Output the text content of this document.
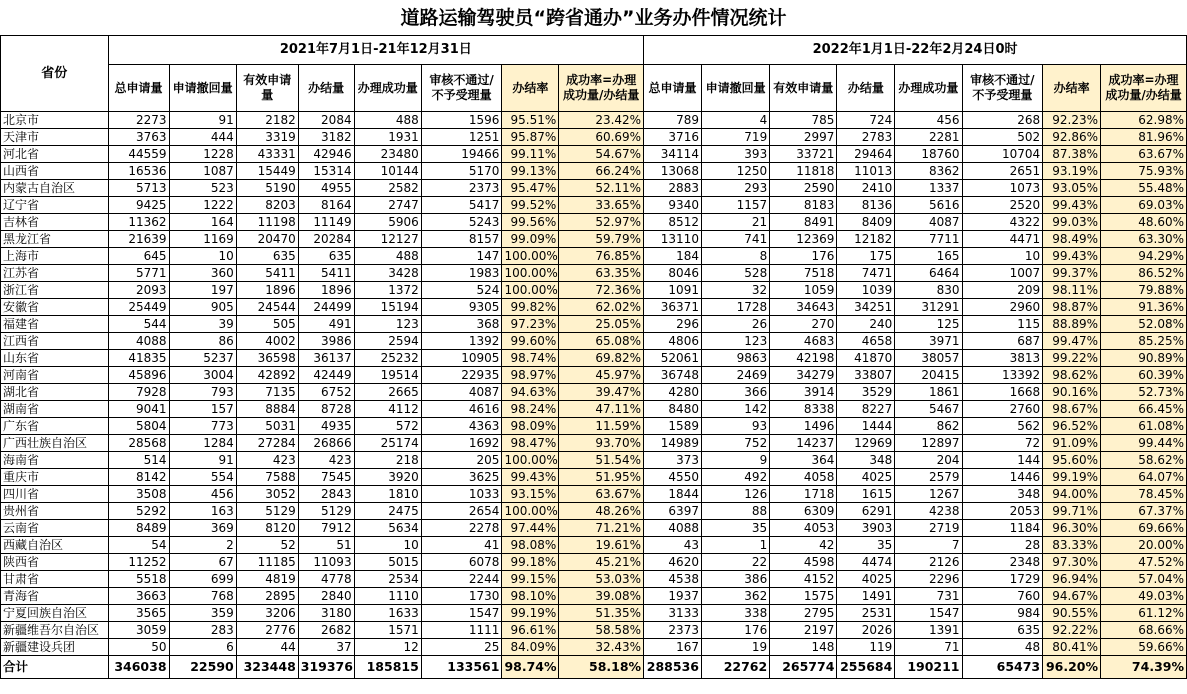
道路运输驾驶员“跨省通办”业务办件情况统计																
省份	2021年7月1日-21年12月31日								2022年1月1日-22年2月24日0时							
	总申请量	申请撤回量	有效申请量	办结量	办理成功量	审核不通过/不予受理量	办结率	成功率=办理成功量/办结量	总申请量	申请撤回量	有效申请量	办结量	办理成功量	审核不通过/不予受理量	办结率	成功率=办理成功量/办结量
北京市	2273	91	2182	2084	488	1596	95.51%	23.42%	789	4	785	724	456	268	92.23%	62.98%
天津市	3763	444	3319	3182	1931	1251	95.87%	60.69%	3716	719	2997	2783	2281	502	92.86%	81.96%
河北省	44559	1228	43331	42946	23480	19466	99.11%	54.67%	34114	393	33721	29464	18760	10704	87.38%	63.67%
山西省	16536	1087	15449	15314	10144	5170	99.13%	66.24%	13068	1250	11818	11013	8362	2651	93.19%	75.93%
内蒙古自治区	5713	523	5190	4955	2582	2373	95.47%	52.11%	2883	293	2590	2410	1337	1073	93.05%	55.48%
辽宁省	9425	1222	8203	8164	2747	5417	99.52%	33.65%	9340	1157	8183	8136	5616	2520	99.43%	69.03%
吉林省	11362	164	11198	11149	5906	5243	99.56%	52.97%	8512	21	8491	8409	4087	4322	99.03%	48.60%
黑龙江省	21639	1169	20470	20284	12127	8157	99.09%	59.79%	13110	741	12369	12182	7711	4471	98.49%	63.30%
上海市	645	10	635	635	488	147	100.00%	76.85%	184	8	176	175	165	10	99.43%	94.29%
江苏省	5771	360	5411	5411	3428	1983	100.00%	63.35%	8046	528	7518	7471	6464	1007	99.37%	86.52%
浙江省	2093	197	1896	1896	1372	524	100.00%	72.36%	1091	32	1059	1039	830	209	98.11%	79.88%
安徽省	25449	905	24544	24499	15194	9305	99.82%	62.02%	36371	1728	34643	34251	31291	2960	98.87%	91.36%
福建省	544	39	505	491	123	368	97.23%	25.05%	296	26	270	240	125	115	88.89%	52.08%
江西省	4088	86	4002	3986	2594	1392	99.60%	65.08%	4806	123	4683	4658	3971	687	99.47%	85.25%
山东省	41835	5237	36598	36137	25232	10905	98.74%	69.82%	52061	9863	42198	41870	38057	3813	99.22%	90.89%
河南省	45896	3004	42892	42449	19514	22935	98.97%	45.97%	36748	2469	34279	33807	20415	13392	98.62%	60.39%
湖北省	7928	793	7135	6752	2665	4087	94.63%	39.47%	4280	366	3914	3529	1861	1668	90.16%	52.73%
湖南省	9041	157	8884	8728	4112	4616	98.24%	47.11%	8480	142	8338	8227	5467	2760	98.67%	66.45%
广东省	5804	773	5031	4935	572	4363	98.09%	11.59%	1589	93	1496	1444	862	562	96.52%	61.08%
广西壮族自治区	28568	1284	27284	26866	25174	1692	98.47%	93.70%	14989	752	14237	12969	12897	72	91.09%	99.44%
海南省	514	91	423	423	218	205	100.00%	51.54%	373	9	364	348	204	144	95.60%	58.62%
重庆市	8142	554	7588	7545	3920	3625	99.43%	51.95%	4550	492	4058	4025	2579	1446	99.19%	64.07%
四川省	3508	456	3052	2843	1810	1033	93.15%	63.67%	1844	126	1718	1615	1267	348	94.00%	78.45%
贵州省	5292	163	5129	5129	2475	2654	100.00%	48.26%	6397	88	6309	6291	4238	2053	99.71%	67.37%
云南省	8489	369	8120	7912	5634	2278	97.44%	71.21%	4088	35	4053	3903	2719	1184	96.30%	69.66%
西藏自治区	54	2	52	51	10	41	98.08%	19.61%	43	1	42	35	7	28	83.33%	20.00%
陕西省	11252	67	11185	11093	5015	6078	99.18%	45.21%	4620	22	4598	4474	2126	2348	97.30%	47.52%
甘肃省	5518	699	4819	4778	2534	2244	99.15%	53.03%	4538	386	4152	4025	2296	1729	96.94%	57.04%
青海省	3663	768	2895	2840	1110	1730	98.10%	39.08%	1937	362	1575	1491	731	760	94.67%	49.03%
宁夏回族自治区	3565	359	3206	3180	1633	1547	99.19%	51.35%	3133	338	2795	2531	1547	984	90.55%	61.12%
新疆维吾尔自治区	3059	283	2776	2682	1571	1111	96.61%	58.58%	2373	176	2197	2026	1391	635	92.22%	68.66%
新疆建设兵团	50	6	44	37	12	25	84.09%	32.43%	167	19	148	119	71	48	80.41%	59.66%
合计	346038	22590	323448	319376	185815	133561	98.74%	58.18%	288536	22762	265774	255684	190211	65473	96.20%	74.39%
